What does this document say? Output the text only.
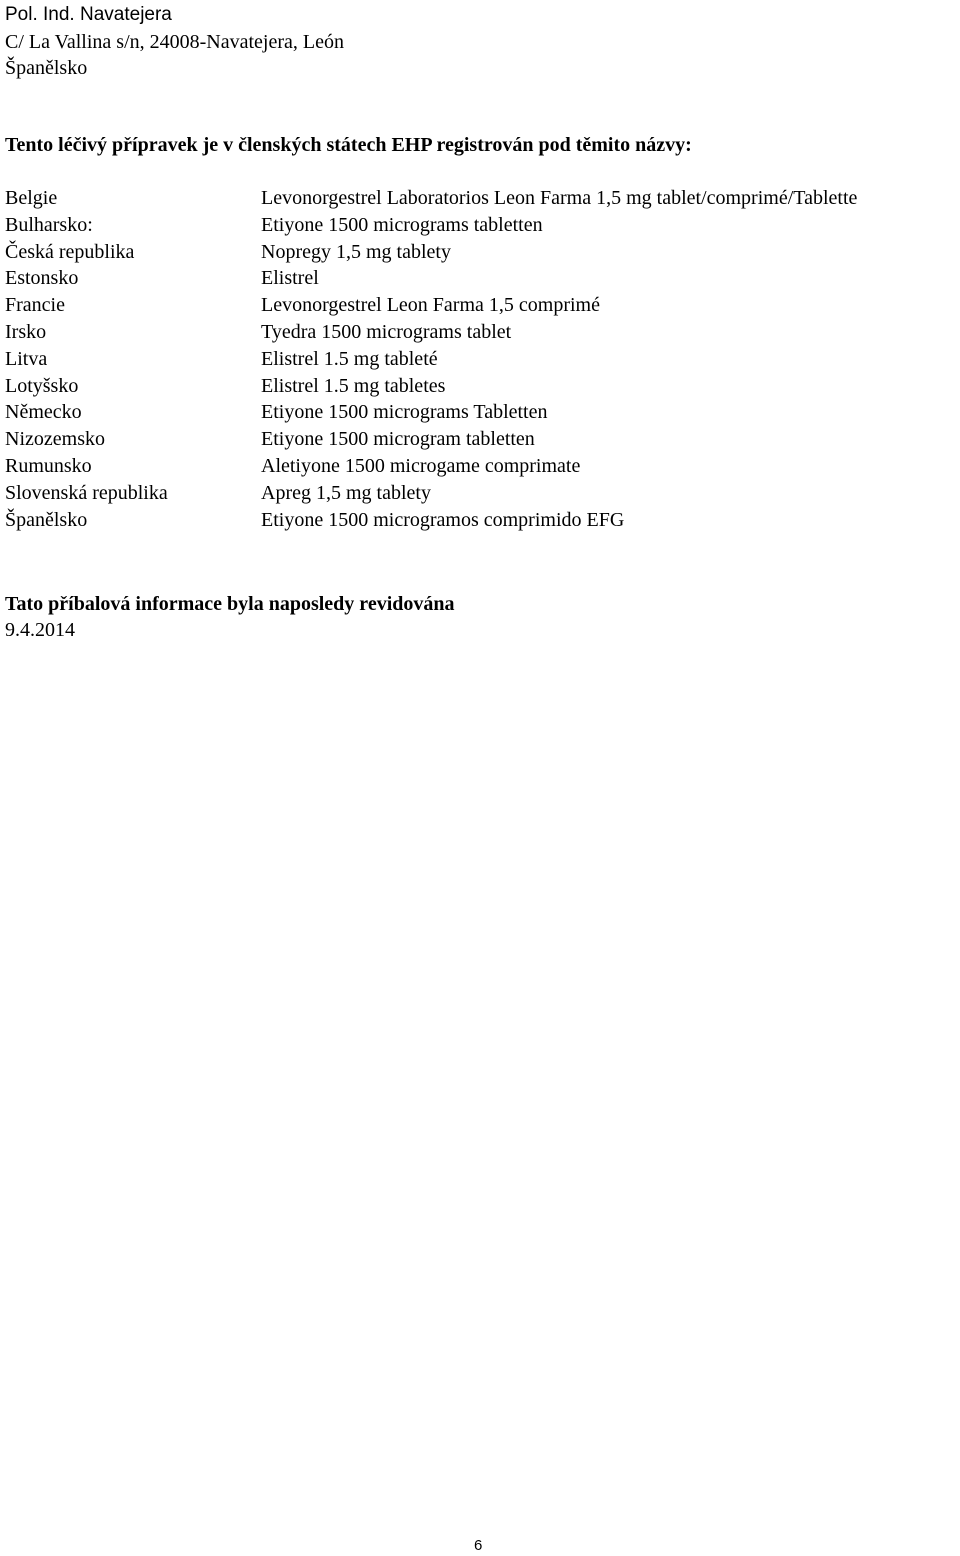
Pol. Ind. Navatejera
C/ La Vallina s/n, 24008-Navatejera, León
Španělsko
Tento léčivý přípravek je v členských státech EHP registrován pod těmito názvy:
Belgie	Levonorgestrel Laboratorios Leon Farma 1,5 mg tablet/comprimé/Tablette
Bulharsko:	Etiyone 1500 micrograms tabletten
Česká republika	Nopregy 1,5 mg tablety
Estonsko	Elistrel
Francie	Levonorgestrel Leon Farma 1,5 comprimé
Irsko	Tyedra 1500 micrograms tablet
Litva	Elistrel 1.5 mg tableté
Lotyšsko	Elistrel 1.5 mg tabletes
Německo	Etiyone 1500 micrograms Tabletten
Nizozemsko	Etiyone 1500 microgram tabletten
Rumunsko	Aletiyone 1500 microgame comprimate
Slovenská republika	Apreg 1,5 mg tablety
Španělsko	Etiyone 1500 microgramos comprimido EFG
Tato příbalová informace byla naposledy revidována
9.4.2014
6
